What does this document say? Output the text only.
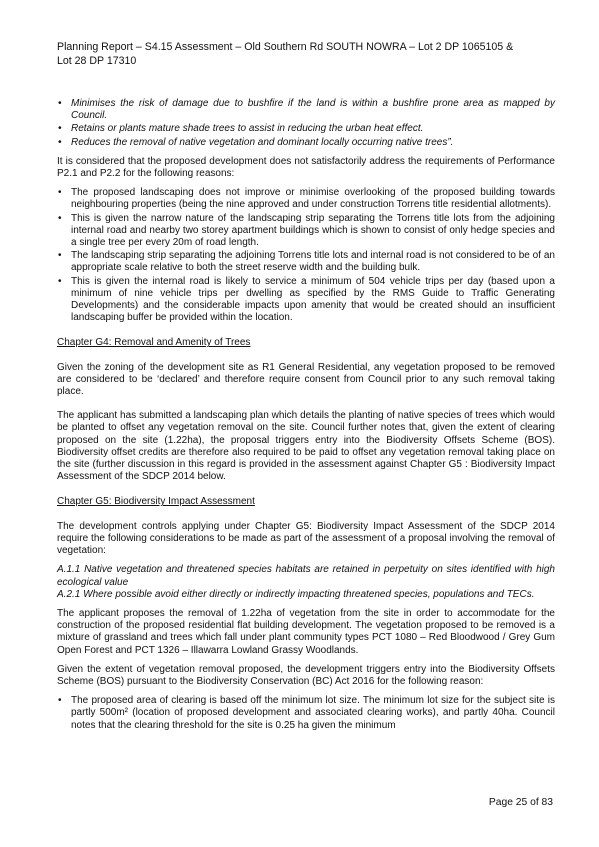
Planning Report – S4.15 Assessment – Old Southern Rd SOUTH NOWRA – Lot 2 DP 1065105 &
Lot 28 DP 17310
• Minimises the risk of damage due to bushfire if the land is within a bushfire prone area as mapped by Council.
• Retains or plants mature shade trees to assist in reducing the urban heat effect.
• Reduces the removal of native vegetation and dominant locally occurring native trees”.

It is considered that the proposed development does not satisfactorily address the requirements of Performance P2.1 and P2.2 for the following reasons:

• The proposed landscaping does not improve or minimise overlooking of the proposed building towards neighbouring properties (being the nine approved and under construction Torrens title residential allotments).
• This is given the narrow nature of the landscaping strip separating the Torrens title lots from the adjoining internal road and nearby two storey apartment buildings which is shown to consist of only hedge species and a single tree per every 20m of road length.
• The landscaping strip separating the adjoining Torrens title lots and internal road is not considered to be of an appropriate scale relative to both the street reserve width and the building bulk.
• This is given the internal road is likely to service a minimum of 504 vehicle trips per day (based upon a minimum of nine vehicle trips per dwelling as specified by the RMS Guide to Traffic Generating Developments) and the considerable impacts upon amenity that would be created should an insufficient landscaping buffer be provided within the location.

Chapter G4: Removal and Amenity of Trees

Given the zoning of the development site as R1 General Residential, any vegetation proposed to be removed are considered to be ‘declared’ and therefore require consent from Council prior to any such removal taking place.

The applicant has submitted a landscaping plan which details the planting of native species of trees which would be planted to offset any vegetation removal on the site. Council further notes that, given the extent of clearing proposed on the site (1.22ha), the proposal triggers entry into the Biodiversity Offsets Scheme (BOS). Biodiversity offset credits are therefore also required to be paid to offset any vegetation removal taking place on the site (further discussion in this regard is provided in the assessment against Chapter G5 : Biodiversity Impact Assessment of the SDCP 2014 below.

Chapter G5: Biodiversity Impact Assessment

The development controls applying under Chapter G5: Biodiversity Impact Assessment of the SDCP 2014 require the following considerations to be made as part of the assessment of a proposal involving the removal of vegetation:

A.1.1 Native vegetation and threatened species habitats are retained in perpetuity on sites identified with high ecological value

A.2.1 Where possible avoid either directly or indirectly impacting threatened species, populations and TECs.

The applicant proposes the removal of 1.22ha of vegetation from the site in order to accommodate for the construction of the proposed residential flat building development. The vegetation proposed to be removed is a mixture of grassland and trees which fall under plant community types PCT 1080 – Red Bloodwood / Grey Gum Open Forest and PCT 1326 – Illawarra Lowland Grassy Woodlands.

Given the extent of vegetation removal proposed, the development triggers entry into the Biodiversity Offsets Scheme (BOS) pursuant to the Biodiversity Conservation (BC) Act 2016 for the following reason:

• The proposed area of clearing is based off the minimum lot size. The minimum lot size for the subject site is partly 500m² (location of proposed development and associated clearing works), and partly 40ha. Council notes that the clearing threshold for the site is 0.25 ha given the minimum
Page 25 of 83
